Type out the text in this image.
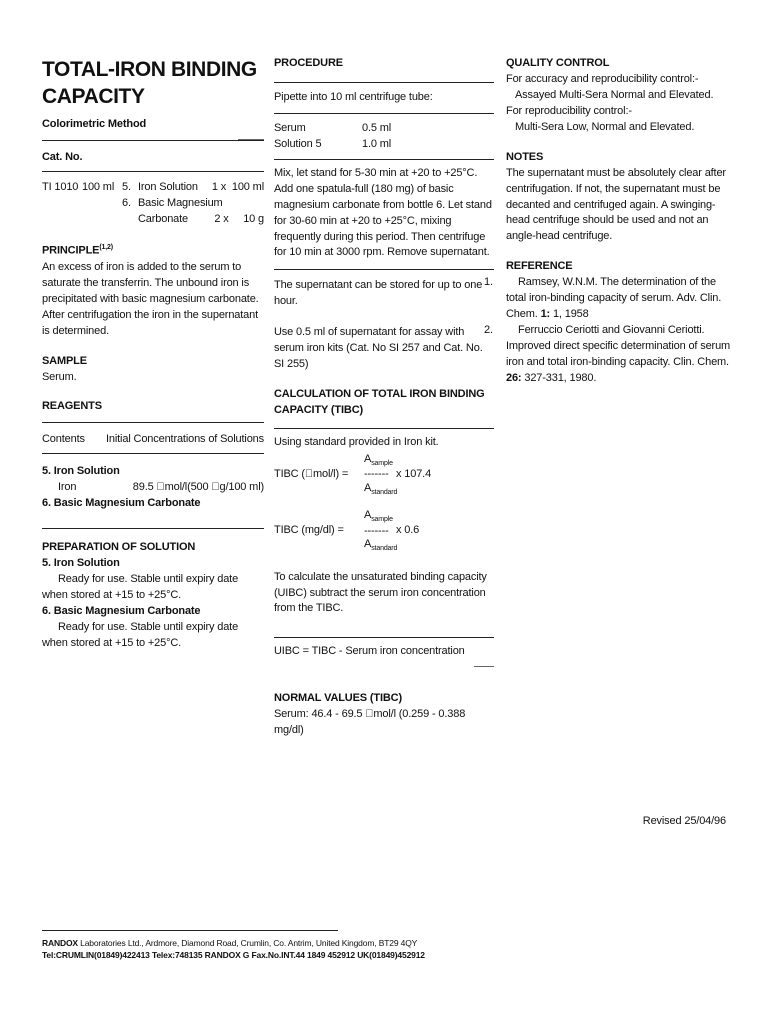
TOTAL-IRON BINDING
CAPACITY
Colorimetric Method
Cat. No.
TI 1010 100 ml 5. Iron Solution 1 x 100 ml
6. Basic Magnesium
Carbonate 2 x 10 g
PRINCIPLE$^{(1,2)}$
An excess of iron is added to the serum to saturate the transferrin. The unbound iron is precipitated with basic magnesium carbonate. After centrifugation the iron in the supernatant is determined.
SAMPLE
Serum.
REAGENTS
Contents Initial Concentrations of Solutions
5. Iron Solution
Iron	89.5  mol/l(500  g/100 ml)
6. Basic Magnesium Carbonate
PREPARATION OF SOLUTION
5. Iron Solution
Ready for use. Stable until expiry date when stored at +15 to +25°C.
6. Basic Magnesium Carbonate
Ready for use. Stable until expiry date when stored at +15 to +25°C.
PROCEDURE
Pipette into 10 ml centrifuge tube:
Serum	0.5 ml
Solution 5	1.0 ml
Mix, let stand for 5-30 min at +20 to +25°C. Add one spatula-full (180 mg) of basic magnesium carbonate from bottle 6. Let stand for 30-60 min at +20 to +25°C, mixing frequently during this period. Then centrifuge for 10 min at 3000 rpm. Remove supernatant.
The supernatant can be stored for up to one hour.
Use 0.5 ml of supernatant for assay with serum iron kits (Cat. No SI 257 and Cat. No. SI 255)
CALCULATION OF TOTAL IRON BINDING CAPACITY (TIBC)
Using standard provided in Iron kit.
TIBC ( mol/l) =
$A_{sample}$
-------
$A_{standard}$
x 107.4
TIBC (mg/dl) =
$A_{sample}$
-------
$A_{standard}$
x 0.6
To calculate the unsaturated binding capacity (UIBC) subtract the serum iron concentration from the TIBC.
UIBC = TIBC - Serum iron concentration
NORMAL VALUES (TIBC)
Serum: 46.4 - 69.5  mol/l (0.259 - 0.388 mg/dl)
QUALITY CONTROL
For accuracy and reproducibility control:-
Assayed Multi-Sera Normal and Elevated.
For reproducibility control:-
Multi-Sera Low, Normal and Elevated.
NOTES
The supernatant must be absolutely clear after centrifugation. If not, the supernatant must be decanted and centrifuged again. A swinging-head centrifuge should be used and not an angle-head centrifuge.
REFERENCE
1. Ramsey, W.N.M. The determination of the total iron-binding capacity of serum. Adv. Clin. Chem. 1: 1, 1958
2. Ferruccio Ceriotti and Giovanni Ceriotti. Improved direct specific determination of serum iron and total iron-binding capacity. Clin. Chem. 26: 327-331, 1980.
Revised 25/04/96
RANDOX Laboratories Ltd., Ardmore, Diamond Road, Crumlin, Co. Antrim, United Kingdom, BT29 4QY
Tel:CRUMLIN(01849)422413 Telex:748135 RANDOX G Fax.No.INT.44 1849 452912 UK(01849)452912
